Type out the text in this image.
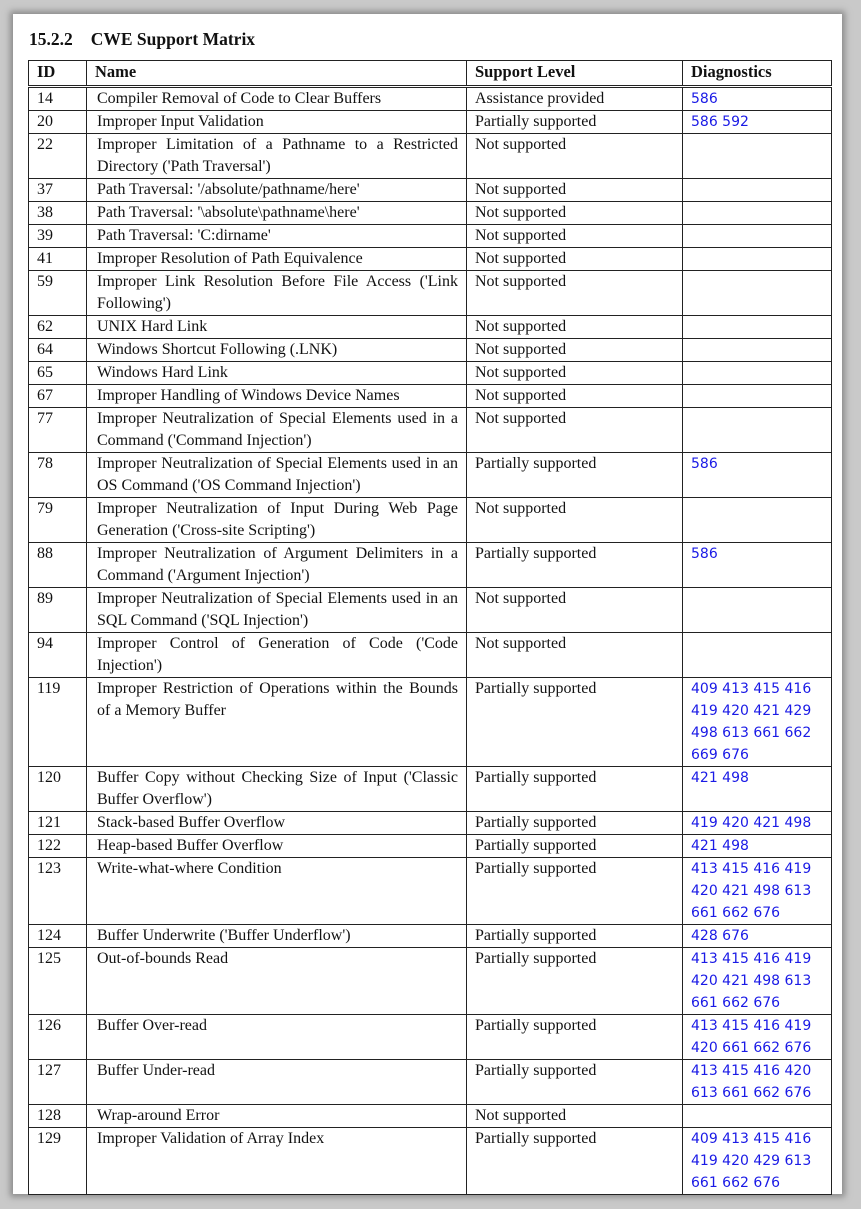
15.2.2 CWE Support Matrix
ID	Name	Support Level	Diagnostics
14	Compiler Removal of Code to Clear Buffers	Assistance provided	586
20	Improper Input Validation	Partially supported	586 592
22	Improper Limitation of a Pathname to a Restricted Directory ('Path Traversal')	Not supported	
37	Path Traversal: '/absolute/pathname/here'	Not supported	
38	Path Traversal: '\absolute\pathname\here'	Not supported	
39	Path Traversal: 'C:dirname'	Not supported	
41	Improper Resolution of Path Equivalence	Not supported	
59	Improper Link Resolution Before File Access ('Link Following')	Not supported	
62	UNIX Hard Link	Not supported	
64	Windows Shortcut Following (.LNK)	Not supported	
65	Windows Hard Link	Not supported	
67	Improper Handling of Windows Device Names	Not supported	
77	Improper Neutralization of Special Elements used in a Command ('Command Injection')	Not supported	
78	Improper Neutralization of Special Elements used in an OS Command ('OS Command Injection')	Partially supported	586
79	Improper Neutralization of Input During Web Page Generation ('Cross-site Scripting')	Not supported	
88	Improper Neutralization of Argument Delimiters in a Command ('Argument Injection')	Partially supported	586
89	Improper Neutralization of Special Elements used in an SQL Command ('SQL Injection')	Not supported	
94	Improper Control of Generation of Code ('Code Injection')	Not supported	
119	Improper Restriction of Operations within the Bounds of a Memory Buffer	Partially supported	409 413 415 416 419 420 421 429 498 613 661 662 669 676
120	Buffer Copy without Checking Size of Input ('Classic Buffer Overflow')	Partially supported	421 498
121	Stack-based Buffer Overflow	Partially supported	419 420 421 498
122	Heap-based Buffer Overflow	Partially supported	421 498
123	Write-what-where Condition	Partially supported	413 415 416 419 420 421 498 613 661 662 676
124	Buffer Underwrite ('Buffer Underflow')	Partially supported	428 676
125	Out-of-bounds Read	Partially supported	413 415 416 419 420 421 498 613 661 662 676
126	Buffer Over-read	Partially supported	413 415 416 419 420 661 662 676
127	Buffer Under-read	Partially supported	413 415 416 420 613 661 662 676
128	Wrap-around Error	Not supported	
129	Improper Validation of Array Index	Partially supported	409 413 415 416 419 420 429 613 661 662 676
